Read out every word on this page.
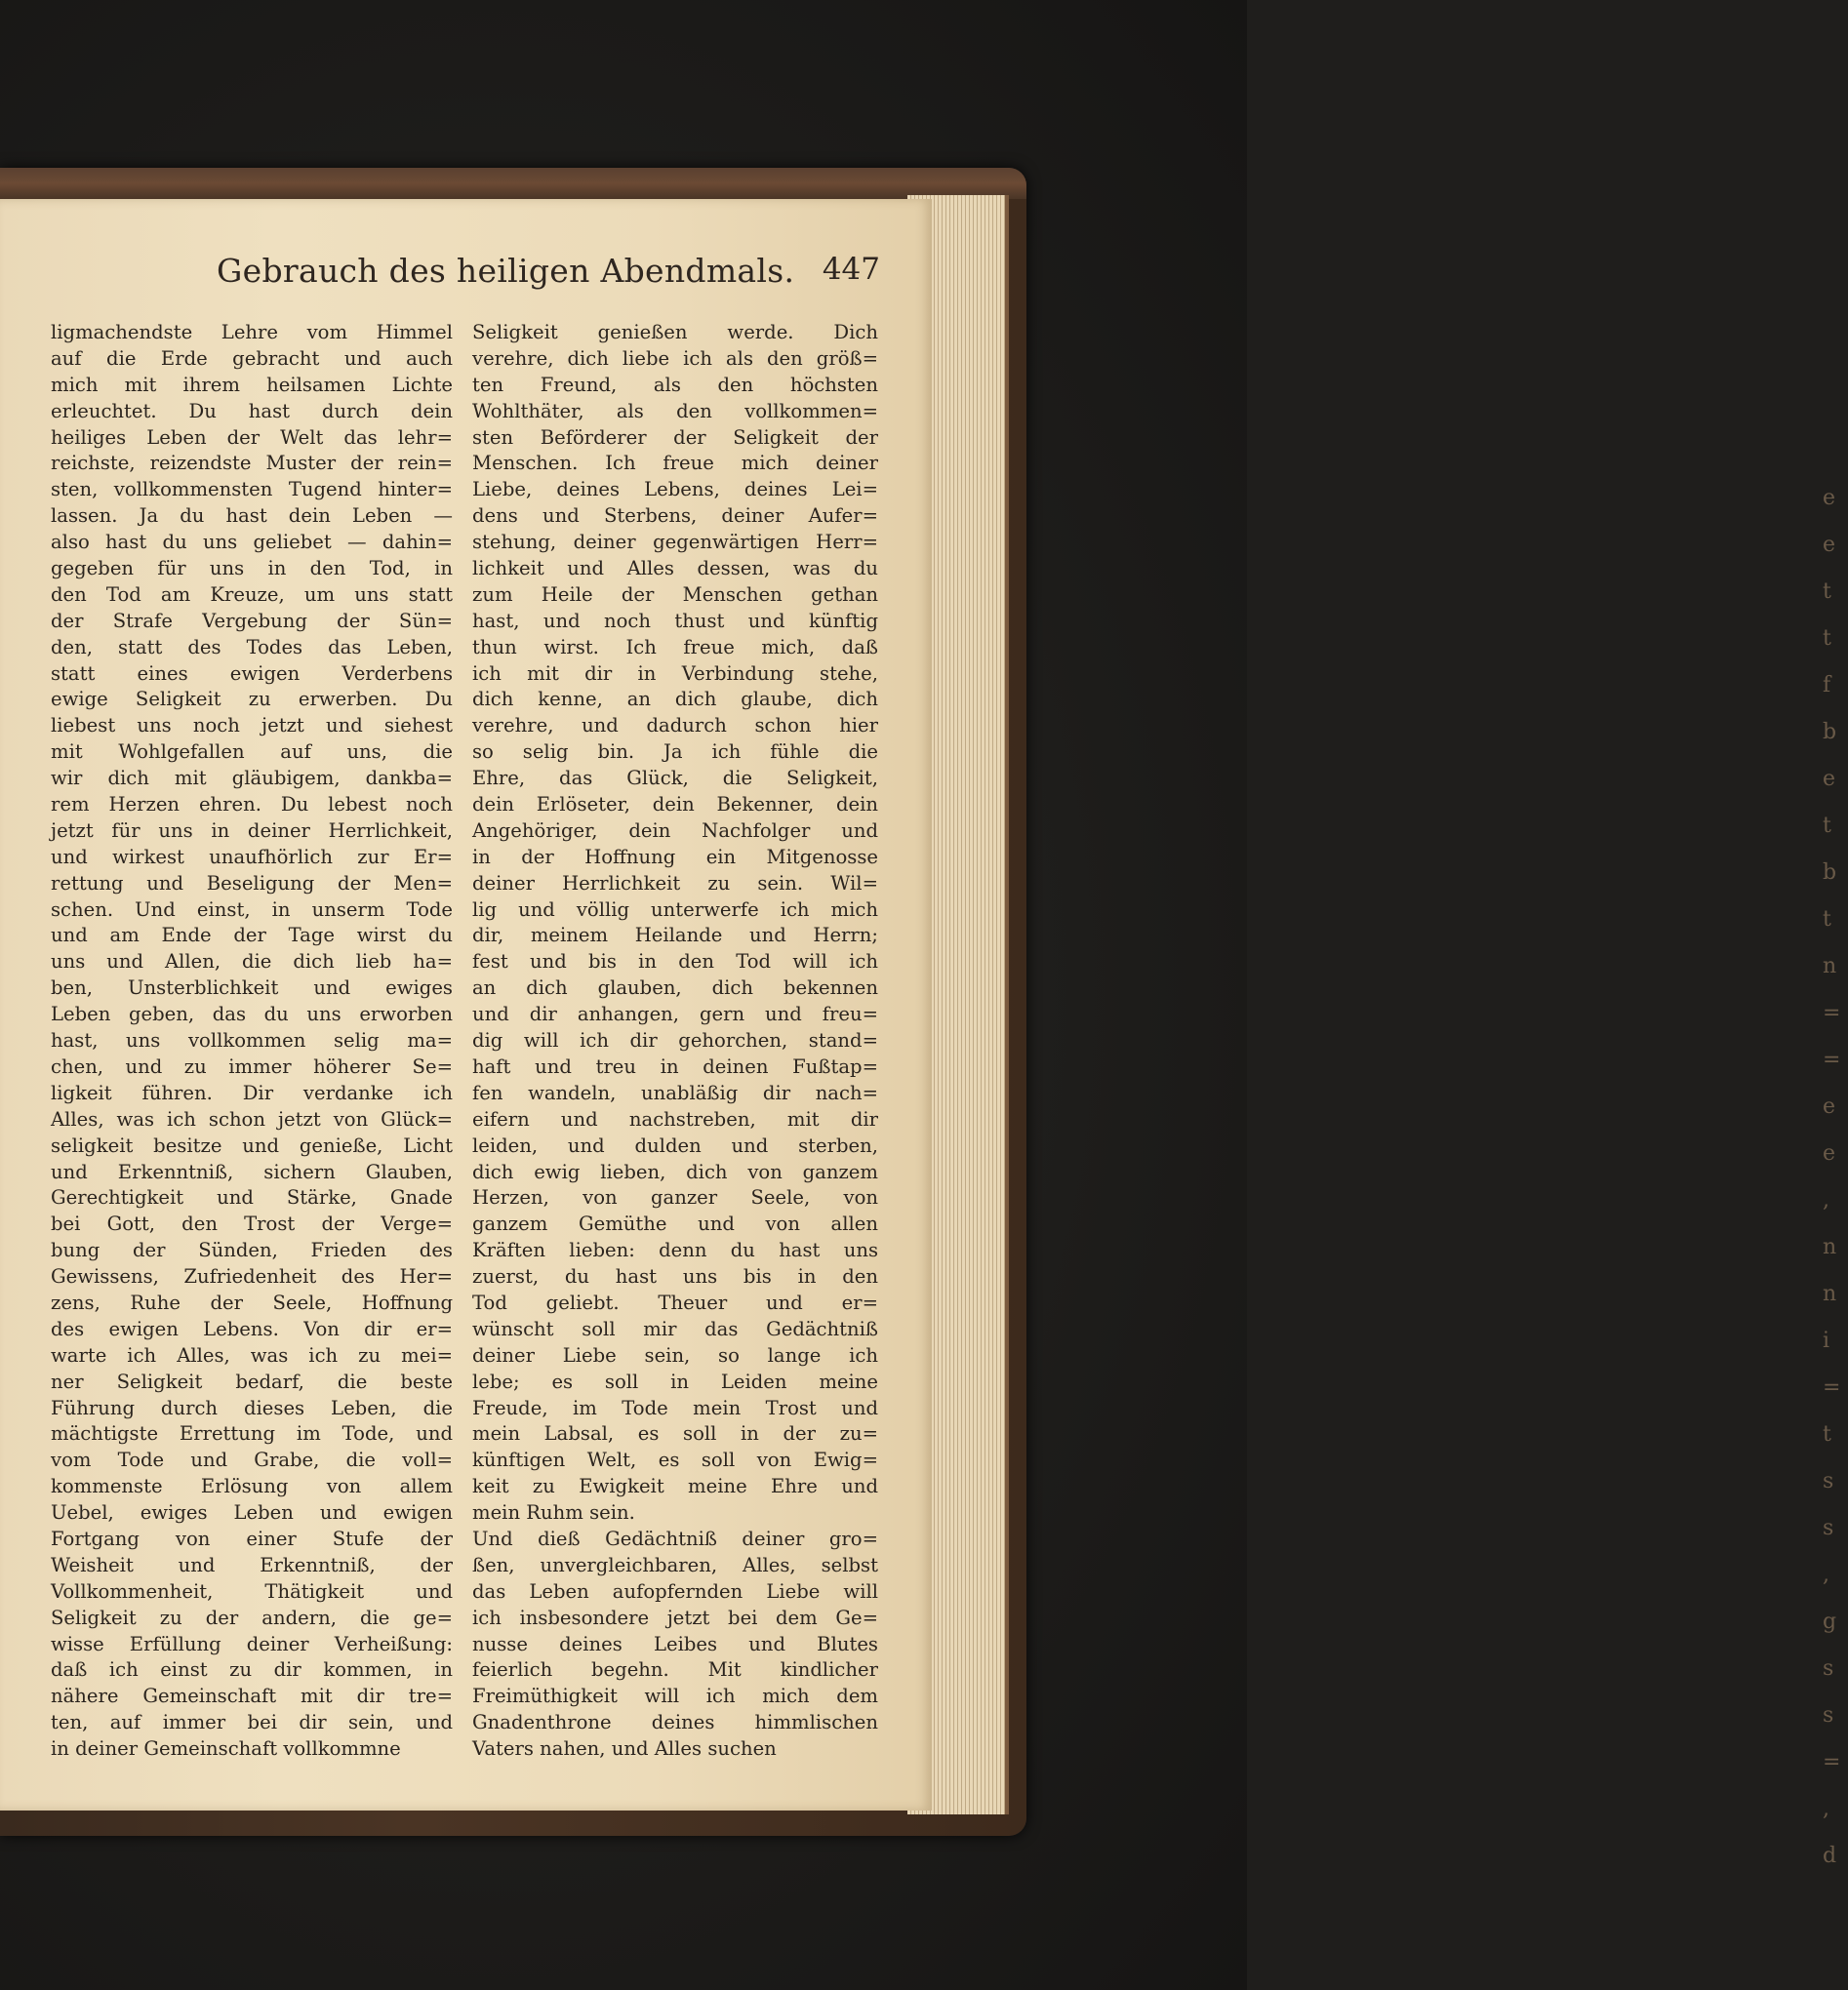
e
e
t
t
f
b
e
t
b
t
n
=
=
e
e
,
n
n
i
=
t
s
s
,
g
s
s
=
,
d
Gebrauch des heiligen Abendmals. 447
ligmachendste Lehre vom Himmel
auf die Erde gebracht und auch
mich mit ihrem heilsamen Lichte
erleuchtet. Du hast durch dein
heiliges Leben der Welt das lehr=
reichste, reizendste Muster der rein=
sten, vollkommensten Tugend hinter=
lassen. Ja du hast dein Leben —
also hast du uns geliebet — dahin=
gegeben für uns in den Tod, in
den Tod am Kreuze, um uns statt
der Strafe Vergebung der Sün=
den, statt des Todes das Leben,
statt eines ewigen Verderbens
ewige Seligkeit zu erwerben. Du
liebest uns noch jetzt und siehest
mit Wohlgefallen auf uns, die
wir dich mit gläubigem, dankba=
rem Herzen ehren. Du lebest noch
jetzt für uns in deiner Herrlichkeit,
und wirkest unaufhörlich zur Er=
rettung und Beseligung der Men=
schen. Und einst, in unserm Tode
und am Ende der Tage wirst du
uns und Allen, die dich lieb ha=
ben, Unsterblichkeit und ewiges
Leben geben, das du uns erworben
hast, uns vollkommen selig ma=
chen, und zu immer höherer Se=
ligkeit führen. Dir verdanke ich
Alles, was ich schon jetzt von Glück=
seligkeit besitze und genieße, Licht
und Erkenntniß, sichern Glauben,
Gerechtigkeit und Stärke, Gnade
bei Gott, den Trost der Verge=
bung der Sünden, Frieden des
Gewissens, Zufriedenheit des Her=
zens, Ruhe der Seele, Hoffnung
des ewigen Lebens. Von dir er=
warte ich Alles, was ich zu mei=
ner Seligkeit bedarf, die beste
Führung durch dieses Leben, die
mächtigste Errettung im Tode, und
vom Tode und Grabe, die voll=
kommenste Erlösung von allem
Uebel, ewiges Leben und ewigen
Fortgang von einer Stufe der
Weisheit und Erkenntniß, der
Vollkommenheit, Thätigkeit und
Seligkeit zu der andern, die ge=
wisse Erfüllung deiner Verheißung:
daß ich einst zu dir kommen, in
nähere Gemeinschaft mit dir tre=
ten, auf immer bei dir sein, und
in deiner Gemeinschaft vollkommne
Seligkeit genießen werde. Dich
verehre, dich liebe ich als den größ=
ten Freund, als den höchsten
Wohlthäter, als den vollkommen=
sten Beförderer der Seligkeit der
Menschen. Ich freue mich deiner
Liebe, deines Lebens, deines Lei=
dens und Sterbens, deiner Aufer=
stehung, deiner gegenwärtigen Herr=
lichkeit und Alles dessen, was du
zum Heile der Menschen gethan
hast, und noch thust und künftig
thun wirst. Ich freue mich, daß
ich mit dir in Verbindung stehe,
dich kenne, an dich glaube, dich
verehre, und dadurch schon hier
so selig bin. Ja ich fühle die
Ehre, das Glück, die Seligkeit,
dein Erlöseter, dein Bekenner, dein
Angehöriger, dein Nachfolger und
in der Hoffnung ein Mitgenosse
deiner Herrlichkeit zu sein. Wil=
lig und völlig unterwerfe ich mich
dir, meinem Heilande und Herrn;
fest und bis in den Tod will ich
an dich glauben, dich bekennen
und dir anhangen, gern und freu=
dig will ich dir gehorchen, stand=
haft und treu in deinen Fußtap=
fen wandeln, unabläßig dir nach=
eifern und nachstreben, mit dir
leiden, und dulden und sterben,
dich ewig lieben, dich von ganzem
Herzen, von ganzer Seele, von
ganzem Gemüthe und von allen
Kräften lieben: denn du hast uns
zuerst, du hast uns bis in den
Tod geliebt. Theuer und er=
wünscht soll mir das Gedächtniß
deiner Liebe sein, so lange ich
lebe; es soll in Leiden meine
Freude, im Tode mein Trost und
mein Labsal, es soll in der zu=
künftigen Welt, es soll von Ewig=
keit zu Ewigkeit meine Ehre und
mein Ruhm sein.
Und dieß Gedächtniß deiner gro=
ßen, unvergleichbaren, Alles, selbst
das Leben aufopfernden Liebe will
ich insbesondere jetzt bei dem Ge=
nusse deines Leibes und Blutes
feierlich begehn. Mit kindlicher
Freimüthigkeit will ich mich dem
Gnadenthrone deines himmlischen
Vaters nahen, und Alles suchen
